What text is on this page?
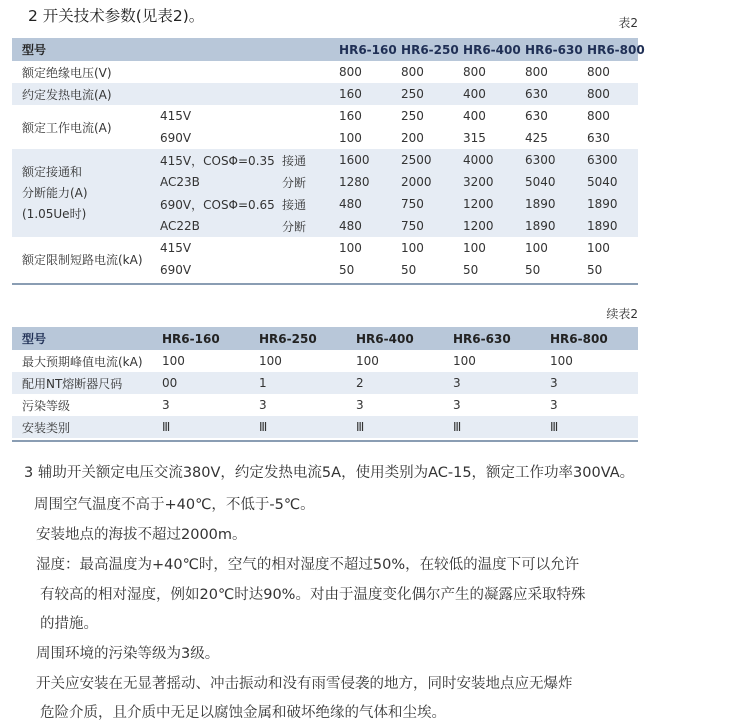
2 开关技术参数(见表2)。	表2
型号			HR6-160	HR6-250	HR6-400	HR6-630	HR6-800
额定绝缘电压(V)			800	800	800	800	800
约定发热电流(A)			160	250	400	630	800
额定工作电流(A)	415V		160	250	400	630	800
	690V		100	200	315	425	630

额定接通和
分断能力(A)
(1.05Ue时)	415V，COSΦ=0.35	接通	1600	2500	4000	6300	6300
	AC23B	分断	1280	2000	3200	5040	5040
	690V，COSΦ=0.65	接通	480	750	1200	1890	1890
	AC22B	分断	480	750	1200	1890	1890
额定限制短路电流(kA)	415V		100	100	100	100	100
	690V		50	50	50	50	50
续表2
型号	HR6-160	HR6-250	HR6-400	HR6-630	HR6-800
最大预期峰值电流(kA)	100	100	100	100	100
配用NT熔断器尺码	00	1	2	3	3
污染等级	3	3	3	3	3
安装类别	Ⅲ	Ⅲ	Ⅲ	Ⅲ	Ⅲ
3 辅助开关额定电压交流380V，约定发热电流5A，使用类别为AC-15，额定工作功率300VA。
周围空气温度不高于+40℃，不低于-5℃。
安装地点的海拔不超过2000m。
湿度：最高温度为+40℃时，空气的相对湿度不超过50%，在较低的温度下可以允许
有较高的相对湿度，例如20℃时达90%。对由于温度变化偶尔产生的凝露应采取特殊
的措施。
周围环境的污染等级为3级。
开关应安装在无显著摇动、冲击振动和没有雨雪侵袭的地方，同时安装地点应无爆炸
危险介质，且介质中无足以腐蚀金属和破坏绝缘的气体和尘埃。
